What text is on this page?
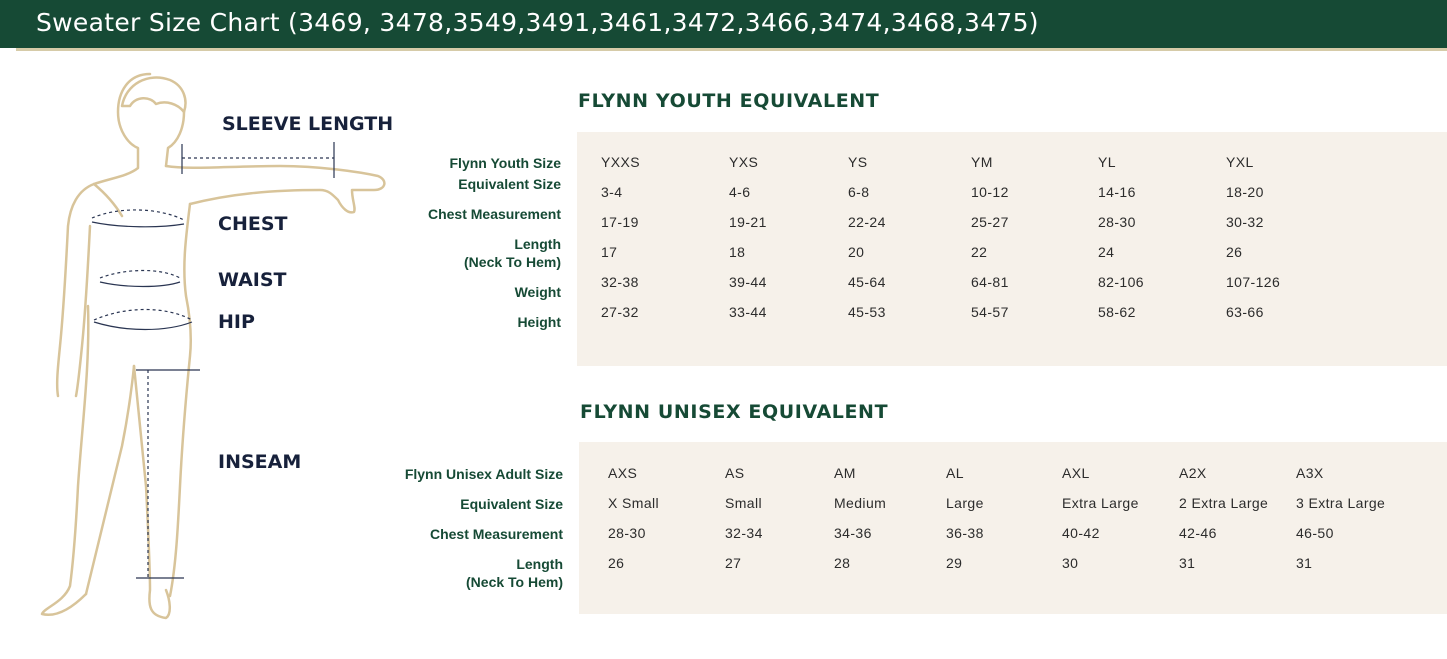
Sweater Size Chart (3469, 3478,3549,3491,3461,3472,3466,3474,3468,3475)
SLEEVE LENGTH
CHEST
WAIST
HIP
INSEAM
FLYNN YOUTH EQUIVALENT
Flynn Youth Size
Equivalent Size
Chest Measurement
Length
(Neck To Hem)
Weight
Height
YXXS
3-4
17-19
17
32-38
27-32
YXS
4-6
19-21
18
39-44
33-44
YS
6-8
22-24
20
45-64
45-53
YM
10-12
25-27
22
64-81
54-57
YL
14-16
28-30
24
82-106
58-62
YXL
18-20
30-32
26
107-126
63-66
FLYNN UNISEX EQUIVALENT
Flynn Unisex Adult Size
Equivalent Size
Chest Measurement
Length
(Neck To Hem)
AXS
X Small
28-30
26
AS
Small
32-34
27
AM
Medium
34-36
28
AL
Large
36-38
29
AXL
Extra Large
40-42
30
A2X
2 Extra Large
42-46
31
A3X
3 Extra Large
46-50
31
